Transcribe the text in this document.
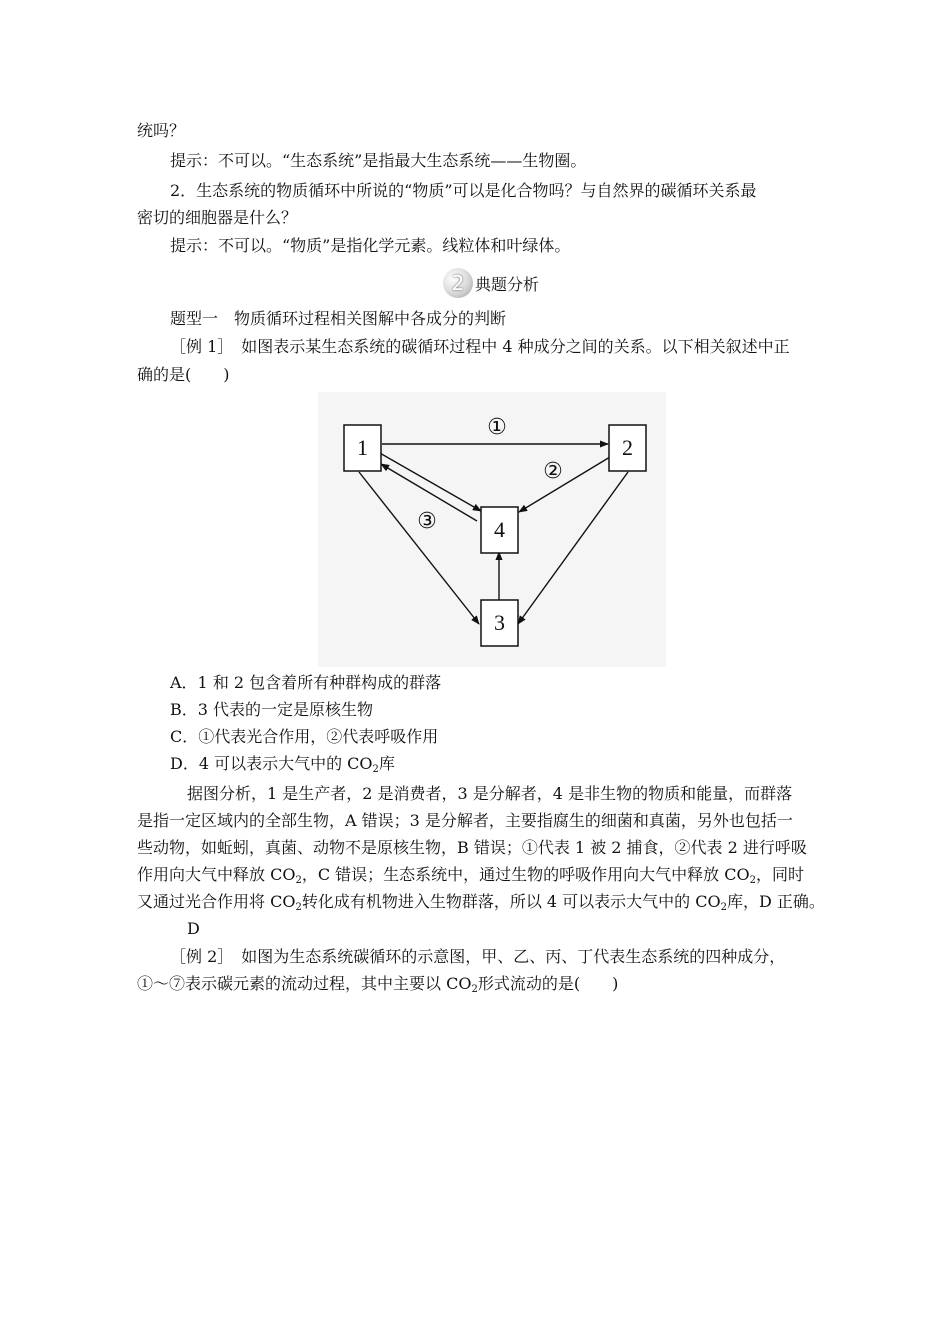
统吗？
提示：不可以。“生态系统”是指最大生态系统——生物圈。
2．生态系统的物质循环中所说的“物质”可以是化合物吗？与自然界的碳循环关系最
密切的细胞器是什么？
提示：不可以。“物质”是指化学元素。线粒体和叶绿体。
2 典题分析
题型一　物质循环过程相关图解中各成分的判断
［例 1］　如图表示某生态系统的碳循环过程中 4 种成分之间的关系。以下相关叙述中正
确的是(　　)
1	2
3
4
①
②
③
A．1 和 2 包含着所有种群构成的群落
B．3 代表的一定是原核生物
C．①代表光合作用，②代表呼吸作用
D．4 可以表示大气中的 $CO_2$库
据图分析，1 是生产者，2 是消费者，3 是分解者，4 是非生物的物质和能量，而群落
是指一定区域内的全部生物，A 错误；3 是分解者，主要指腐生的细菌和真菌，另外也包括一
些动物，如蚯蚓，真菌、动物不是原核生物，B 错误；①代表 1 被 2 捕食，②代表 2 进行呼吸
作用向大气中释放 $CO_2$，C 错误；生态系统中，通过生物的呼吸作用向大气中释放 $CO_2$，同时
又通过光合作用将 $CO_2$转化成有机物进入生物群落，所以 4 可以表示大气中的 $CO_2$库，D 正确。
D
［例 2］　如图为生态系统碳循环的示意图，甲、乙、丙、丁代表生态系统的四种成分，
①～⑦表示碳元素的流动过程，其中主要以 $CO_2$形式流动的是(　　)
